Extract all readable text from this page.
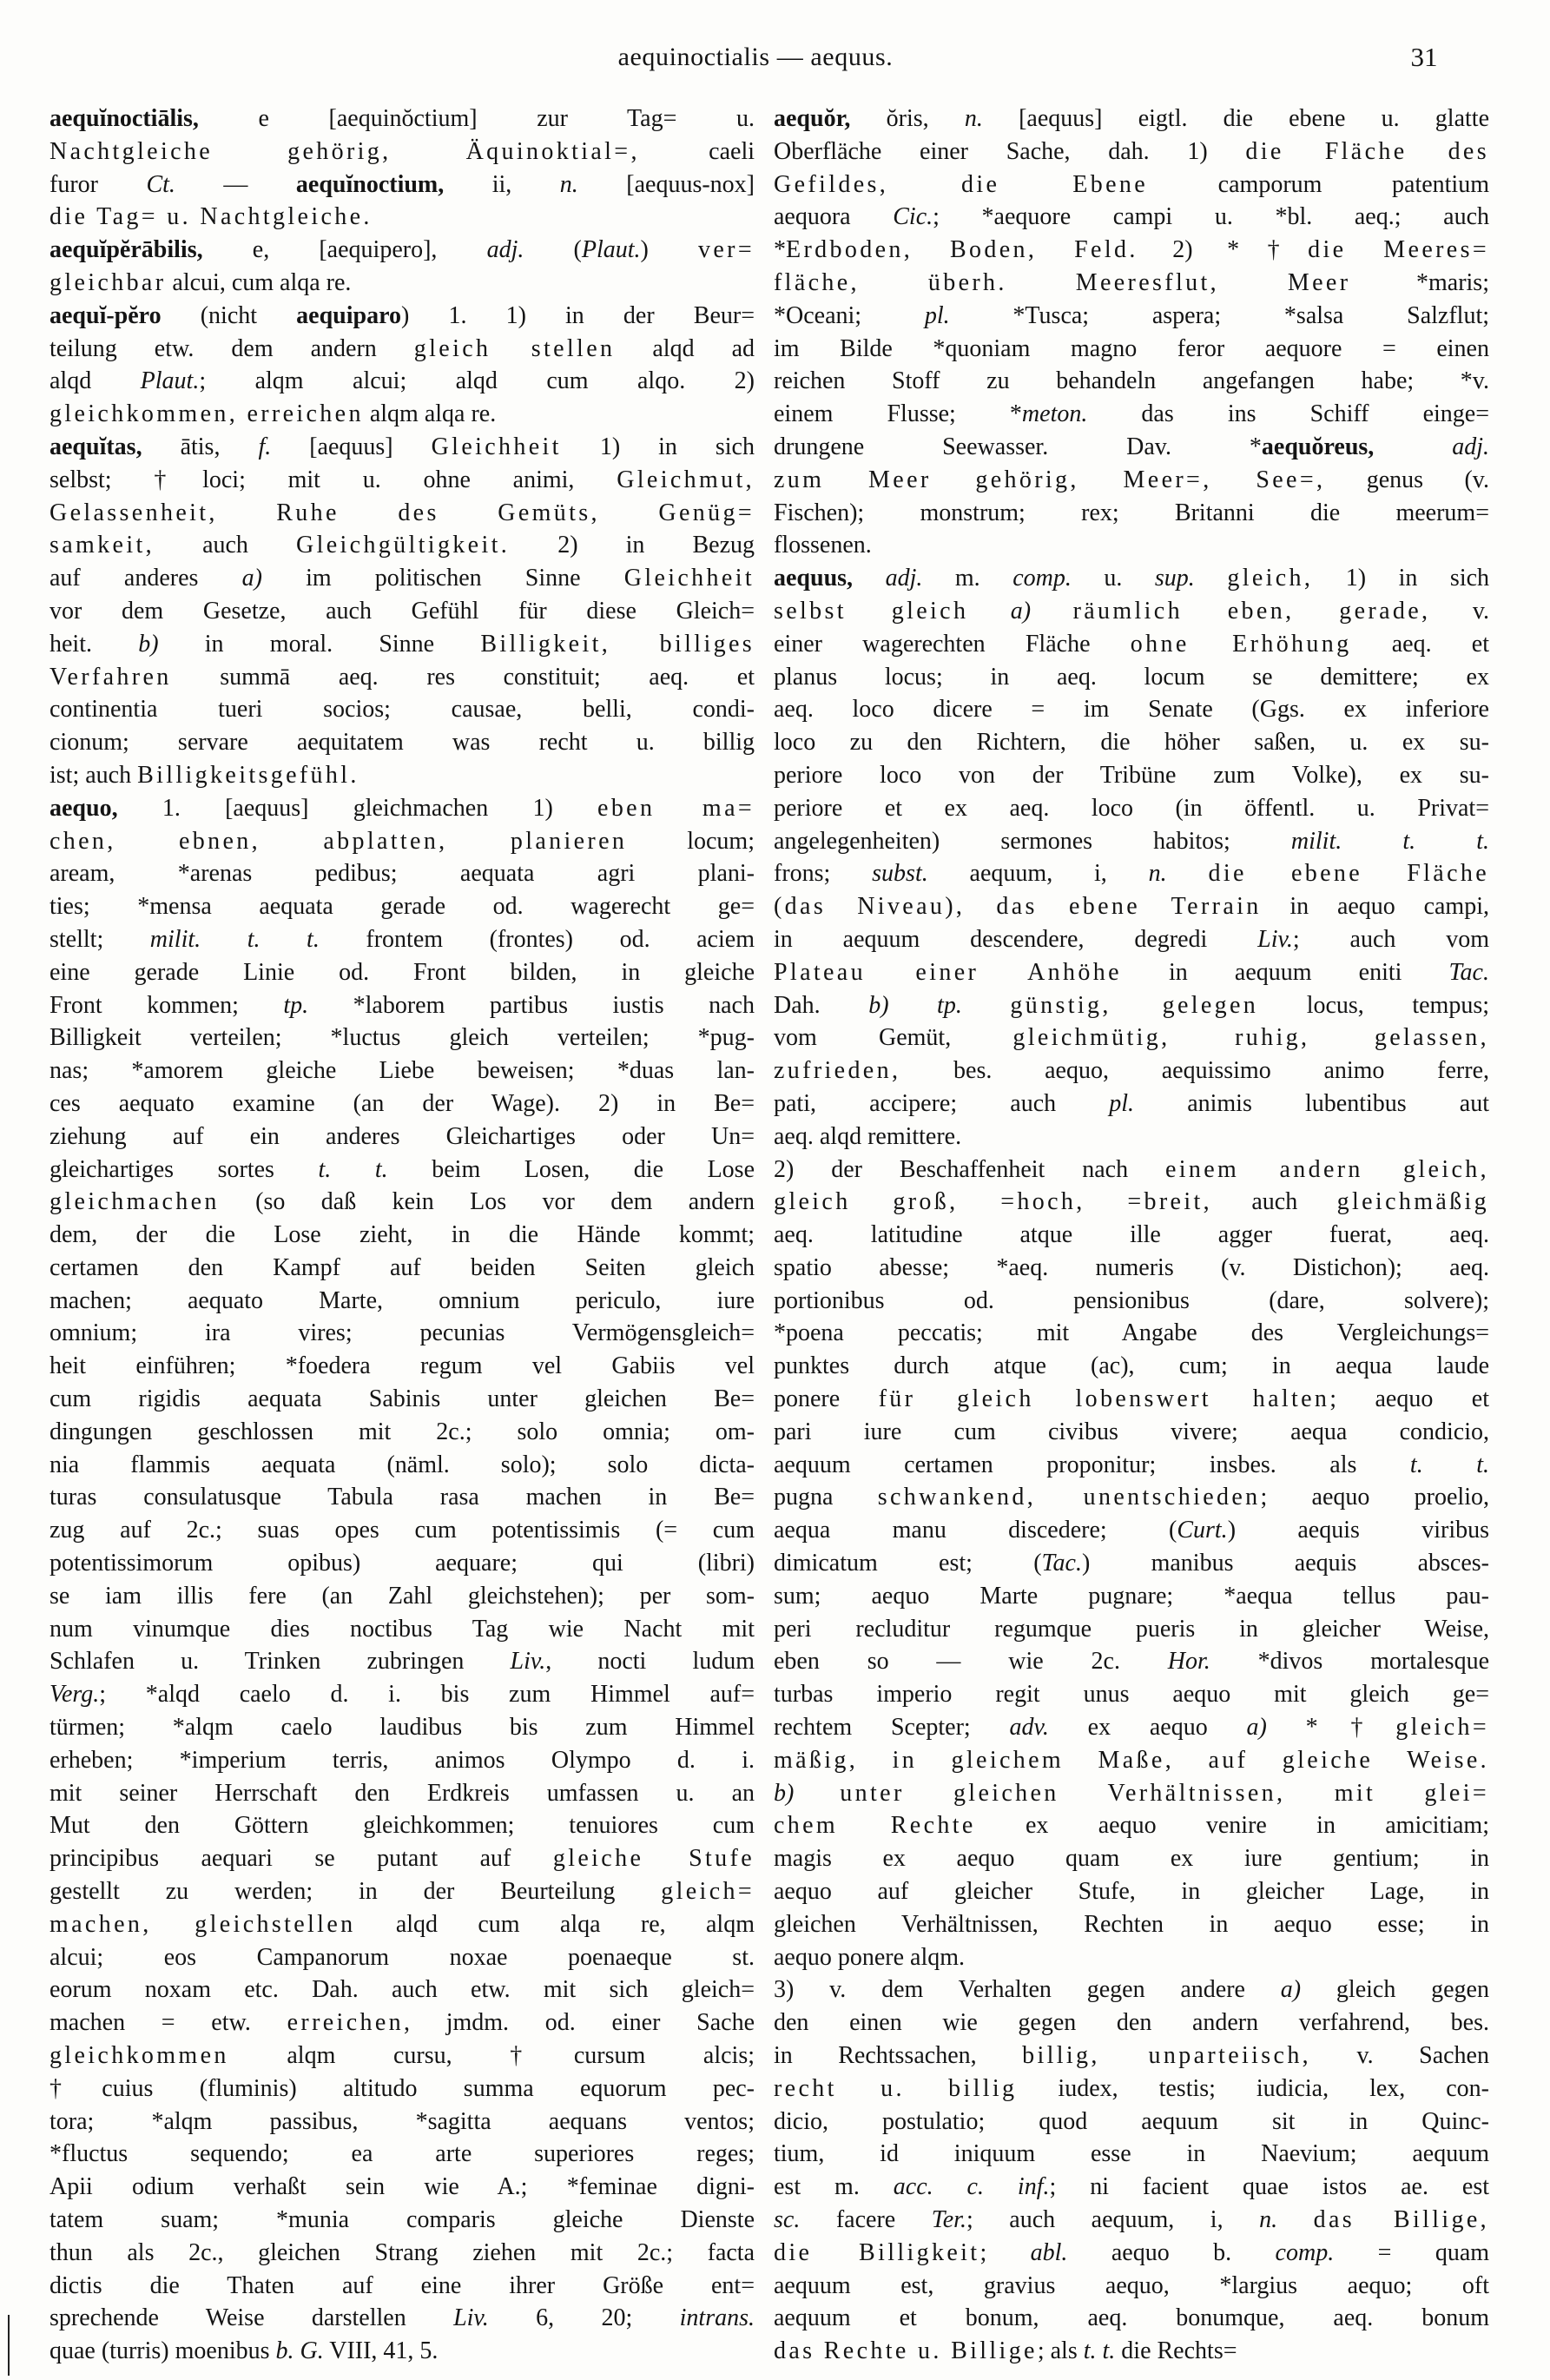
aequinoctialis — aequus.	31
aequĭnoctiālis, e [aequinŏctium] zur Tag= u.
Nachtgleiche gehörig, Äquinoktial=, caeli
furor Ct. — aequĭnoctium, ii, n. [aequus-nox]
die Tag= u. Nachtgleiche.
aequĭpĕrābilis, e, [aequipero], adj. (Plaut.) ver=
gleichbar alcui, cum alqa re.
aequĭ-pĕro (nicht aequiparo) 1. 1) in der Beur=
teilung etw. dem andern gleich stellen alqd ad
alqd Plaut.; alqm alcui; alqd cum alqo. 2)
gleichkommen, erreichen alqm alqa re.
aequĭtas, ātis, f. [aequus] Gleichheit 1) in sich
selbst; †loci; mit u. ohne animi, Gleichmut,
Gelassenheit, Ruhe des Gemüts, Genüg=
samkeit, auch Gleichgültigkeit. 2) in Bezug
auf anderes a) im politischen Sinne Gleichheit
vor dem Gesetze, auch Gefühl für diese Gleich=
heit. b) in moral. Sinne Billigkeit, billiges
Verfahren summā aeq. res constituit; aeq. et
continentia tueri socios; causae, belli, condi-
cionum; servare aequitatem was recht u. billig
ist; auch Billigkeitsgefühl.
aequo, 1. [aequus] gleichmachen 1) eben ma=
chen, ebnen, abplatten, planieren locum;
aream, *arenas pedibus; aequata agri plani-
ties; *mensa aequata gerade od. wagerecht ge=
stellt; milit. t. t. frontem (frontes) od. aciem
eine gerade Linie od. Front bilden, in gleiche
Front kommen; tp. *laborem partibus iustis nach
Billigkeit verteilen; *luctus gleich verteilen; *pug-
nas; *amorem gleiche Liebe beweisen; *duas lan-
ces aequato examine (an der Wage). 2) in Be=
ziehung auf ein anderes Gleichartiges oder Un=
gleichartiges sortes t. t. beim Losen, die Lose
gleichmachen (so daß kein Los vor dem andern
dem, der die Lose zieht, in die Hände kommt;
certamen den Kampf auf beiden Seiten gleich
machen; aequato Marte, omnium periculo, iure
omnium; ira vires; pecunias Vermögensgleich=
heit einführen; *foedera regum vel Gabiis vel
cum rigidis aequata Sabinis unter gleichen Be=
dingungen geschlossen mit 2c.; solo omnia; om-
nia flammis aequata (näml. solo); solo dicta-
turas consulatusque Tabula rasa machen in Be=
zug auf 2c.; suas opes cum potentissimis (= cum
potentissimorum opibus) aequare; qui (libri)
se iam illis fere (an Zahl gleichstehen); per som-
num vinumque dies noctibus Tag wie Nacht mit
Schlafen u. Trinken zubringen Liv., nocti ludum
Verg.; *alqd caelo d. i. bis zum Himmel auf=
türmen; *alqm caelo laudibus bis zum Himmel
erheben; *imperium terris, animos Olympo d. i.
mit seiner Herrschaft den Erdkreis umfassen u. an
Mut den Göttern gleichkommen; tenuiores cum
principibus aequari se putant auf gleiche Stufe
gestellt zu werden; in der Beurteilung gleich=
machen, gleichstellen alqd cum alqa re, alqm
alcui; eos Campanorum noxae poenaeque st.
eorum noxam etc. Dah. auch etw. mit sich gleich=
machen = etw. erreichen, jmdm. od. einer Sache
gleichkommen alqm cursu, †cursum alcis;
†cuius (fluminis) altitudo summa equorum pec-
tora; *alqm passibus, *sagitta aequans ventos;
*fluctus sequendo; ea arte superiores reges;
Apii odium verhaßt sein wie A.; *feminae digni-
tatem suam; *munia comparis gleiche Dienste
thun als 2c., gleichen Strang ziehen mit 2c.; facta
dictis die Thaten auf eine ihrer Größe ent=
sprechende Weise darstellen Liv. 6, 20; intrans.
quae (turris) moenibus b. G. VIII, 41, 5.
aequŏr, ŏris, n. [aequus] eigtl. die ebene u. glatte
Oberfläche einer Sache, dah. 1) die Fläche des
Gefildes, die Ebene camporum patentium
aequora Cic.; *aequore campi u. *bl. aeq.; auch
*Erdboden, Boden, Feld. 2) *†die Meeres=
fläche, überh. Meeresflut, Meer *maris;
*Oceani; pl. *Tusca; aspera; *salsa Salzflut;
im Bilde *quoniam magno feror aequore = einen
reichen Stoff zu behandeln angefangen habe; *v.
einem Flusse; *meton. das ins Schiff einge=
drungene Seewasser. Dav. *aequŏreus,	adj.
zum Meer gehörig, Meer=, See=, genus (v.
Fischen); monstrum; rex; Britanni die meerum=
flossenen.
aequus, adj. m. comp. u. sup. gleich, 1) in sich
selbst gleich a) räumlich eben, gerade, v.
einer wagerechten Fläche ohne Erhöhung aeq. et
planus locus; in aeq. locum se demittere; ex
aeq. loco dicere = im Senate (Ggs. ex inferiore
loco zu den Richtern, die höher saßen, u. ex su-
periore loco von der Tribüne zum Volke), ex su-
periore et ex aeq. loco (in öffentl. u. Privat=
angelegenheiten) sermones habitos; milit. t. t.
frons; subst. aequum, i, n. die ebene Fläche
(das Niveau), das ebene Terrain in aequo campi,
in aequum descendere, degredi Liv.; auch vom
Plateau einer Anhöhe in aequum eniti Tac.
Dah. b) tp. günstig, gelegen locus, tempus;
vom Gemüt, gleichmütig, ruhig, gelassen,
zufrieden, bes. aequo, aequissimo animo ferre,
pati, accipere; auch pl. animis lubentibus aut
aeq. alqd remittere.
2) der Beschaffenheit nach einem andern gleich,
gleich groß, =hoch, =breit, auch gleichmäßig
aeq. latitudine atque ille agger fuerat, aeq.
spatio abesse; *aeq. numeris (v. Distichon); aeq.
portionibus od. pensionibus (dare, solvere);
*poena peccatis; mit Angabe des Vergleichungs=
punktes durch atque (ac), cum; in aequa laude
ponere für gleich lobenswert halten; aequo et
pari iure cum civibus vivere; aequa condicio,
aequum certamen proponitur; insbes. als t. t.
pugna schwankend, unentschieden; aequo proelio,
aequa manu discedere; (Curt.) aequis viribus
dimicatum est; (Tac.) manibus aequis absces-
sum; aequo Marte pugnare; *aequa tellus pau-
peri recluditur regumque pueris in gleicher Weise,
eben so — wie 2c. Hor. *divos mortalesque
turbas imperio regit unus aequo mit gleich ge=
rechtem Scepter; adv. ex aequo a) *†gleich=
mäßig, in gleichem Maße, auf gleiche Weise.
b) unter gleichen Verhältnissen, mit glei=
chem Rechte ex aequo venire in amicitiam;
magis ex aequo quam ex iure gentium; in
aequo auf gleicher Stufe, in gleicher Lage, in
gleichen Verhältnissen, Rechten in aequo esse; in
aequo ponere alqm.
3) v. dem Verhalten gegen andere a) gleich gegen
den einen wie gegen den andern verfahrend, bes.
in Rechtssachen, billig, unparteiisch, v. Sachen
recht u. billig iudex, testis; iudicia, lex, con-
dicio, postulatio; quod aequum sit in Quinc-
tium, id iniquum esse in Naevium; aequum
est m. acc. c. inf.; ni facient quae istos ae. est
sc. facere Ter.; auch aequum, i, n. das Billige,
die Billigkeit; abl. aequo b. comp. = quam
aequum est, gravius aequo, *largius aequo; oft
aequum et bonum, aeq. bonumque, aeq. bonum
das Rechte u. Billige; als t. t. die Rechts=
